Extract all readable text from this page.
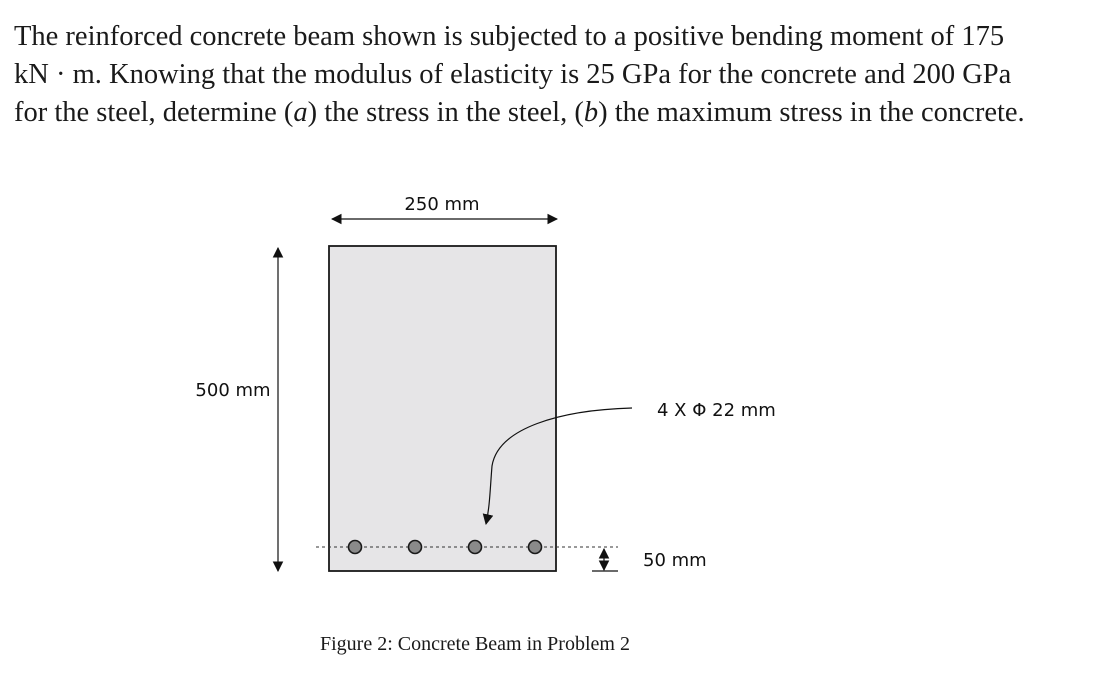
The reinforced concrete beam shown is subjected to a positive bending moment of 175

kN · m. Knowing that the modulus of elasticity is 25 GPa for the concrete and 200 GPa

for the steel, determine (a) the stress in the steel, (b) the maximum stress in the concrete.

250 mm
500 mm
4 X Φ 22 mm
50 mm
Figure 2: Concrete Beam in Problem 2
